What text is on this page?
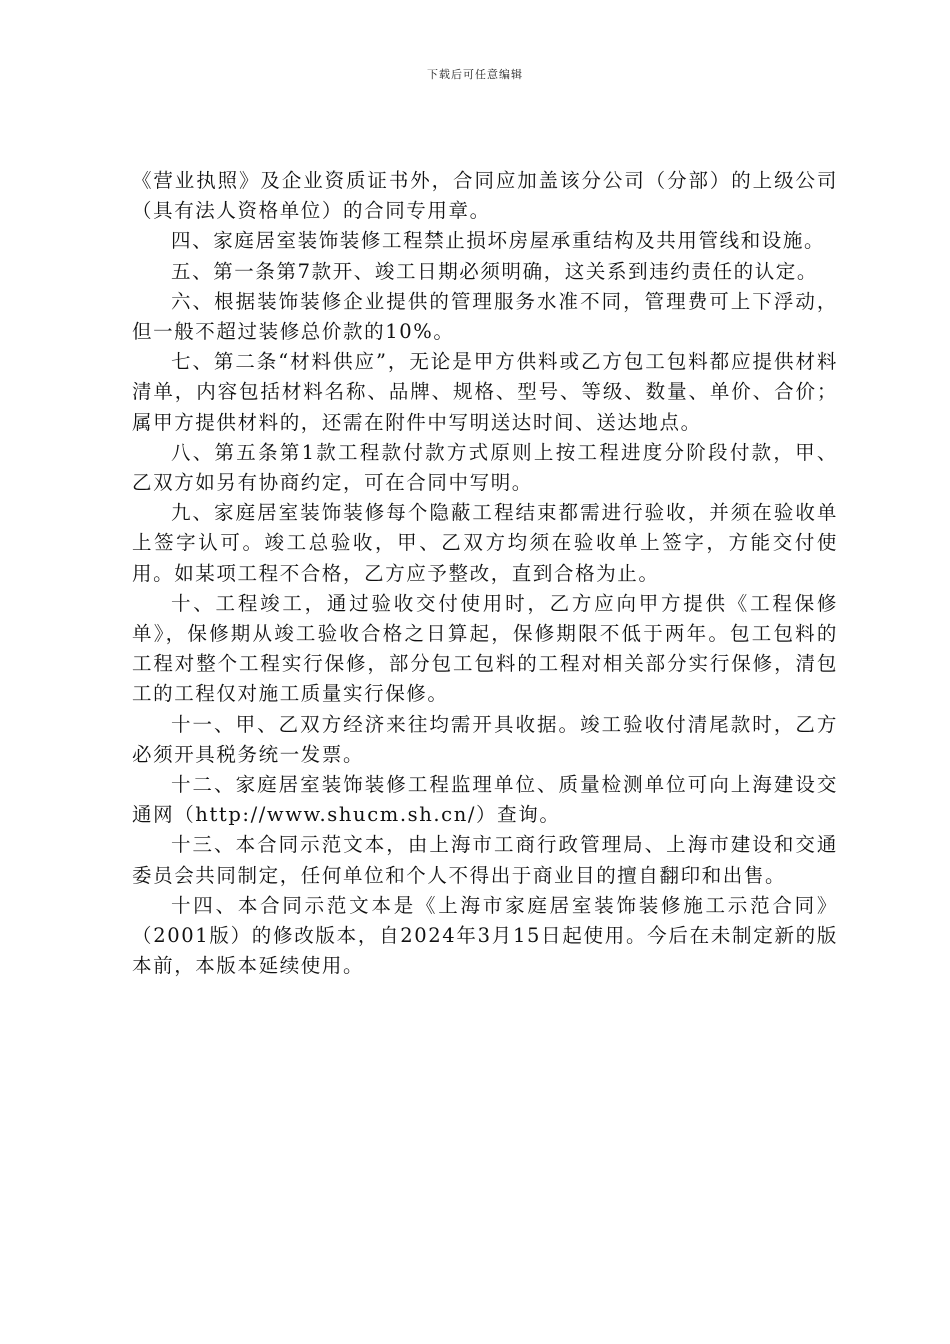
下载后可任意编辑

《营业执照》及企业资质证书外，合同应加盖该分公司（分部）的上级公司（具有法人资格单位）的合同专用章。

四、家庭居室装饰装修工程禁止损坏房屋承重结构及共用管线和设施。

五、第一条第7款开、竣工日期必须明确，这关系到违约责任的认定。

六、根据装饰装修企业提供的管理服务水准不同，管理费可上下浮动，但一般不超过装修总价款的10%。

七、第二条“材料供应”，无论是甲方供料或乙方包工包料都应提供材料清单，内容包括材料名称、品牌、规格、型号、等级、数量、单价、合价；属甲方提供材料的，还需在附件中写明送达时间、送达地点。

八、第五条第1款工程款付款方式原则上按工程进度分阶段付款，甲、乙双方如另有协商约定，可在合同中写明。

九、家庭居室装饰装修每个隐蔽工程结束都需进行验收，并须在验收单上签字认可。竣工总验收，甲、乙双方均须在验收单上签字，方能交付使用。如某项工程不合格，乙方应予整改，直到合格为止。

十、工程竣工，通过验收交付使用时，乙方应向甲方提供《工程保修单》，保修期从竣工验收合格之日算起，保修期限不低于两年。包工包料的工程对整个工程实行保修，部分包工包料的工程对相关部分实行保修，清包工的工程仅对施工质量实行保修。

十一、甲、乙双方经济来往均需开具收据。竣工验收付清尾款时，乙方必须开具税务统一发票。

十二、家庭居室装饰装修工程监理单位、质量检测单位可向上海建设交通网（http://www.shucm.sh.cn/）查询。

十三、本合同示范文本，由上海市工商行政管理局、上海市建设和交通委员会共同制定，任何单位和个人不得出于商业目的擅自翻印和出售。

十四、本合同示范文本是《上海市家庭居室装饰装修施工示范合同》（2001版）的修改版本，自2024年3月15日起使用。今后在未制定新的版本前，本版本延续使用。
